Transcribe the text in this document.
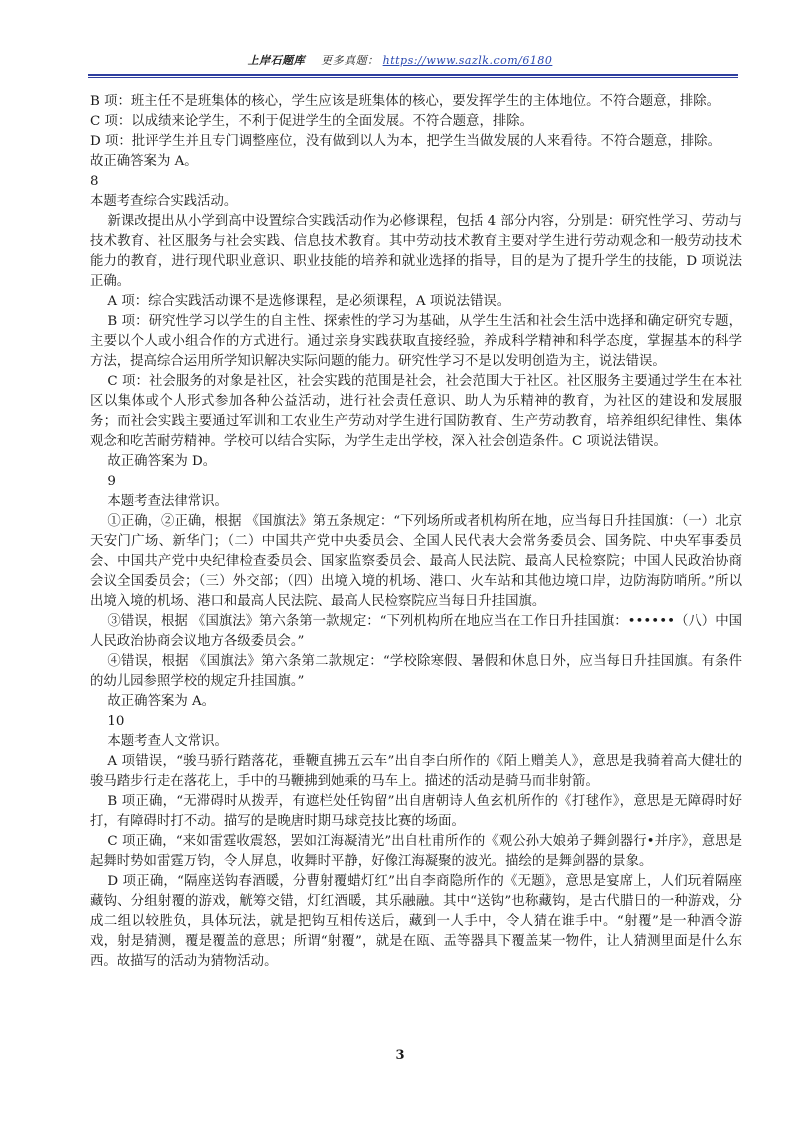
上岸石题库 更多真题： https://www.sazlk.com/6180

B 项：班主任不是班集体的核心，学生应该是班集体的核心，要发挥学生的主体地位。不符合题意，排除。

C 项：以成绩来论学生，不利于促进学生的全面发展。不符合题意，排除。

D 项：批评学生并且专门调整座位，没有做到以人为本，把学生当做发展的人来看待。不符合题意，排除。

故正确答案为 A。

8

本题考查综合实践活动。

新课改提出从小学到高中设置综合实践活动作为必修课程，包括 4 部分内容，分别是：研究性学习、劳动与技术教育、社区服务与社会实践、信息技术教育。其中劳动技术教育主要对学生进行劳动观念和一般劳动技术能力的教育，进行现代职业意识、职业技能的培养和就业选择的指导，目的是为了提升学生的技能，D 项说法正确。

A 项：综合实践活动课不是选修课程，是必须课程，A 项说法错误。

B 项：研究性学习以学生的自主性、探索性的学习为基础，从学生生活和社会生活中选择和确定研究专题，主要以个人或小组合作的方式进行。通过亲身实践获取直接经验，养成科学精神和科学态度，掌握基本的科学方法，提高综合运用所学知识解决实际问题的能力。研究性学习不是以发明创造为主，说法错误。

C 项：社会服务的对象是社区，社会实践的范围是社会，社会范围大于社区。社区服务主要通过学生在本社区以集体或个人形式参加各种公益活动，进行社会责任意识、助人为乐精神的教育，为社区的建设和发展服务；而社会实践主要通过军训和工农业生产劳动对学生进行国防教育、生产劳动教育，培养组织纪律性、集体观念和吃苦耐劳精神。学校可以结合实际，为学生走出学校，深入社会创造条件。C 项说法错误。

故正确答案为 D。

9

本题考查法律常识。

①正确，②正确，根据 《国旗法》第五条规定：“下列场所或者机构所在地，应当每日升挂国旗：（一）北京天安门广场、新华门；（二）中国共产党中央委员会、全国人民代表大会常务委员会、国务院、中央军事委员会、中国共产党中央纪律检查委员会、国家监察委员会、最高人民法院、最高人民检察院；中国人民政治协商会议全国委员会；（三）外交部；（四）出境入境的机场、港口、火车站和其他边境口岸，边防海防哨所。”所以出境入境的机场、港口和最高人民法院、最高人民检察院应当每日升挂国旗。

③错误，根据 《国旗法》第六条第一款规定：“下列机构所在地应当在工作日升挂国旗：••••••（八）中国人民政治协商会议地方各级委员会。”

④错误，根据 《国旗法》第六条第二款规定：“学校除寒假、暑假和休息日外，应当每日升挂国旗。有条件的幼儿园参照学校的规定升挂国旗。”

故正确答案为 A。

10

本题考查人文常识。

A 项错误，“骏马骄行踏落花，垂鞭直拂五云车”出自李白所作的《陌上赠美人》，意思是我骑着高大健壮的骏马踏步行走在落花上，手中的马鞭拂到她乘的马车上。描述的活动是骑马而非射箭。

B 项正确，“无滞碍时从拨弄，有遮栏处任钩留”出自唐朝诗人鱼玄机所作的《打毬作》，意思是无障碍时好打，有障碍时打不动。描写的是晚唐时期马球竞技比赛的场面。

C 项正确，“来如雷霆收震怒，罢如江海凝清光”出自杜甫所作的《观公孙大娘弟子舞剑器行•并序》，意思是起舞时势如雷霆万钧，令人屏息，收舞时平静，好像江海凝聚的波光。描绘的是舞剑器的景象。

D 项正确，“隔座送钩春酒暖，分曹射覆蜡灯红”出自李商隐所作的《无题》，意思是宴席上，人们玩着隔座藏钩、分组射覆的游戏，觥筹交错，灯红酒暖，其乐融融。其中“送钩”也称藏钩，是古代腊日的一种游戏，分成二组以较胜负，具体玩法，就是把钩互相传送后，藏到一人手中，令人猜在谁手中。“射覆”是一种酒令游戏，射是猜测，覆是覆盖的意思；所谓“射覆”，就是在瓯、盂等器具下覆盖某一物件，让人猜测里面是什么东西。故描写的活动为猜物活动。

3
